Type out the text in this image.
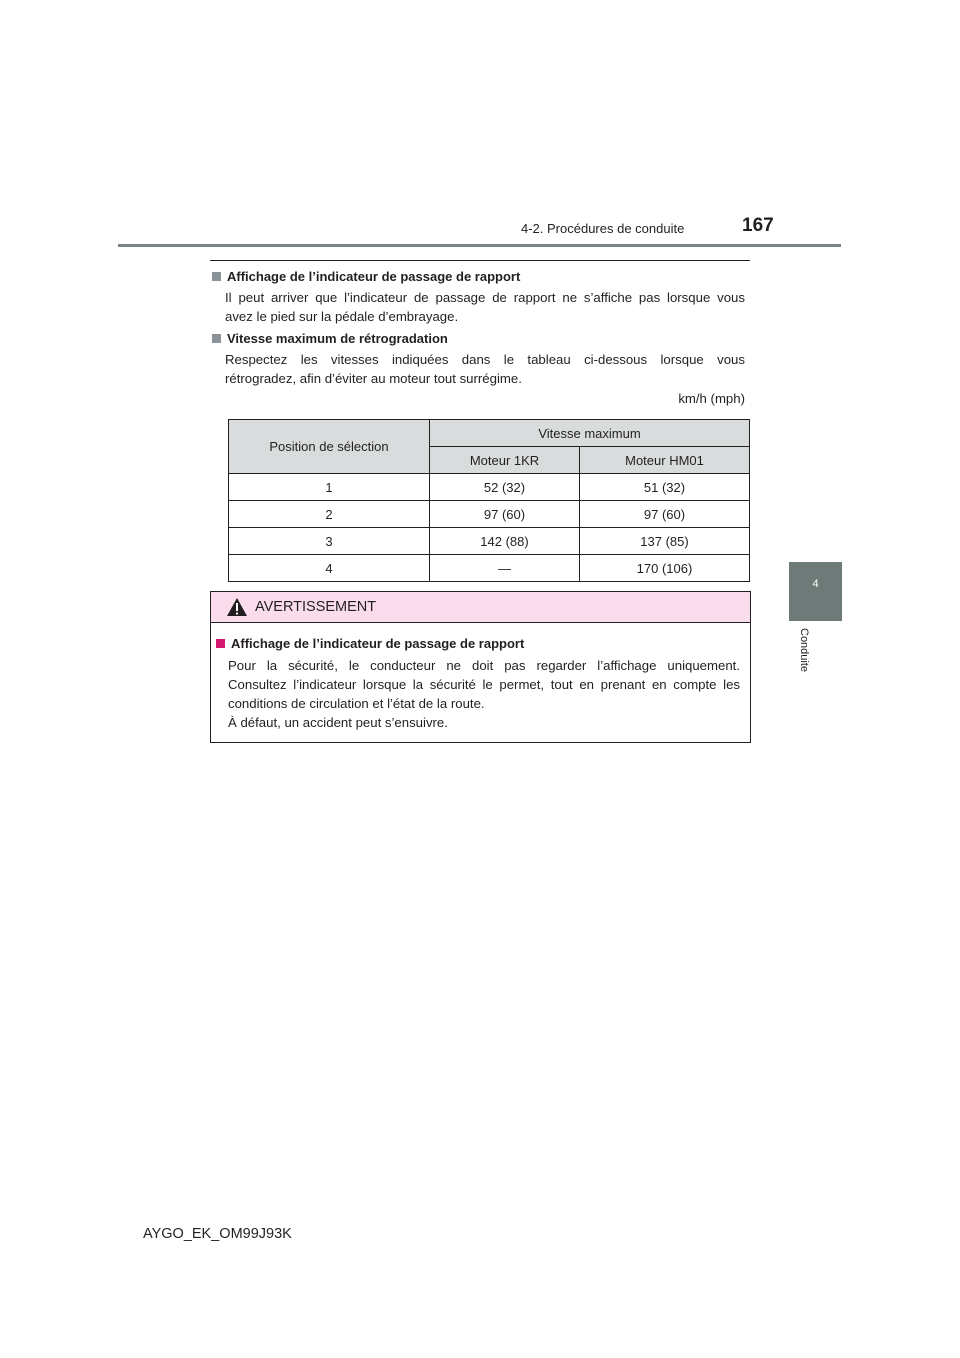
4-2. Procédures de conduite	167
4
Conduite
Affichage de l’indicateur de passage de rapport
Il peut arriver que l’indicateur de passage de rapport ne s’affiche pas lorsque vous
avez le pied sur la pédale d’embrayage.
Vitesse maximum de rétrogradation
Respectez les vitesses indiquées dans le tableau ci-dessous lorsque vous
rétrogradez, afin d’éviter au moteur tout surrégime.
km/h (mph)
Position de sélection	Vitesse maximum	
	Moteur 1KR	Moteur HM01
1	52 (32)	51 (32)
2	97 (60)	97 (60)
3	142 (88)	137 (85)
4	—	170 (106)
AVERTISSEMENT
Affichage de l’indicateur de passage de rapport
Pour la sécurité, le conducteur ne doit pas regarder l’affichage uniquement.
Consultez l’indicateur lorsque la sécurité le permet, tout en prenant en compte les
conditions de circulation et l’état de la route.
À défaut, un accident peut s’ensuivre.
AYGO_EK_OM99J93K
